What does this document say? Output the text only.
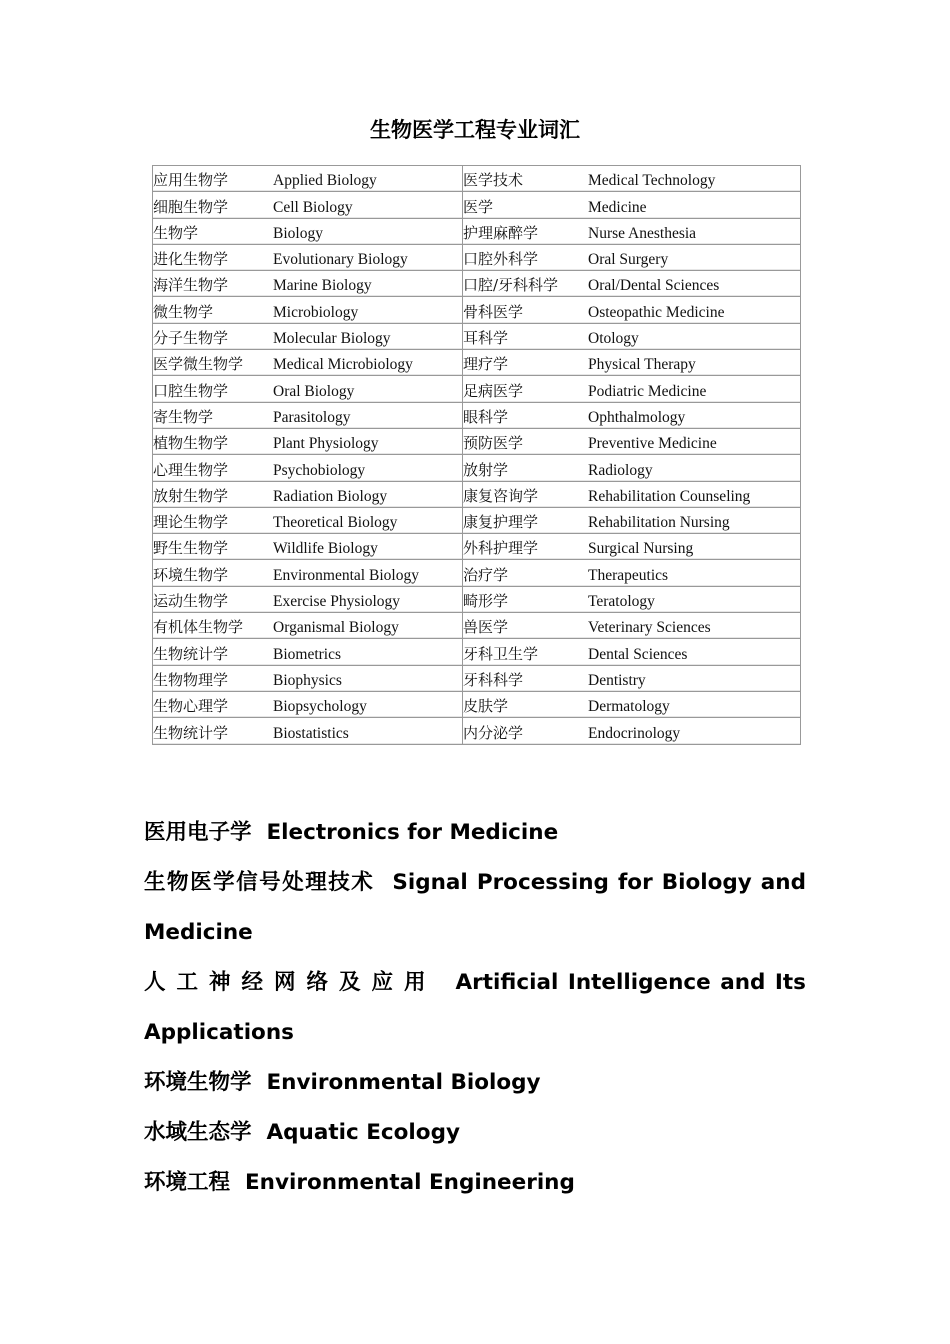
生物医学工程专业词汇
应用生物学 Applied Biology	医学技术 Medical Technology

细胞生物学 Cell Biology	医学 Medicine

生物学 Biology	护理麻醉学 Nurse Anesthesia

进化生物学 Evolutionary Biology	口腔外科学 Oral Surgery

海洋生物学 Marine Biology	口腔/牙科科学 Oral/Dental Sciences

微生物学 Microbiology	骨科医学 Osteopathic Medicine

分子生物学 Molecular Biology	耳科学 Otology

医学微生物学 Medical Microbiology	理疗学 Physical Therapy

口腔生物学 Oral Biology	足病医学 Podiatric Medicine

寄生物学 Parasitology	眼科学 Ophthalmology

植物生物学 Plant Physiology	预防医学 Preventive Medicine

心理生物学 Psychobiology	放射学 Radiology

放射生物学 Radiation Biology	康复咨询学 Rehabilitation Counseling

理论生物学 Theoretical Biology	康复护理学 Rehabilitation Nursing

野生生物学 Wildlife Biology	外科护理学 Surgical Nursing

环境生物学 Environmental Biology	治疗学 Therapeutics

运动生物学 Exercise Physiology	畸形学 Teratology

有机体生物学 Organismal Biology	兽医学 Veterinary Sciences

生物统计学 Biometrics	牙科卫生学 Dental Sciences

生物物理学 Biophysics	牙科科学 Dentistry

生物心理学 Biopsychology	皮肤学 Dermatology

生物统计学 Biostatistics	内分泌学 Endocrinology

医用电子学 Electronics for Medicine

生物医学信号处理技术 Signal Processing for Biology and Medicine

人工神经网络及应用 Artificial Intelligence and Its Applications

环境生物学 Environmental Biology

水域生态学 Aquatic Ecology

环境工程 Environmental Engineering
